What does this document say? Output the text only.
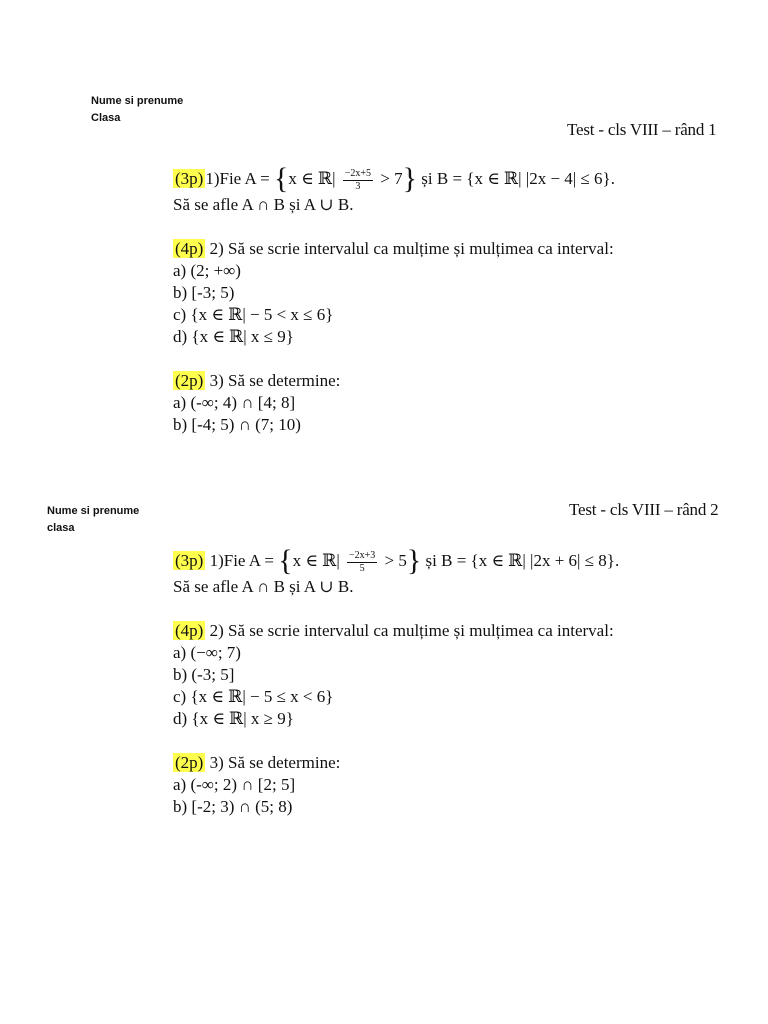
Nume si prenume
Clasa
Test - cls VIII – rând 1
(3p) 1)Fie A = {x ∈ ℝ| $\frac{-2x+5}{3} > 7$} și B = {x ∈ ℝ| |2x − 4| ≤ 6}.
Să se afle A ∩ B și A ∪ B.
(4p) 2) Să se scrie intervalul ca mulțime și mulțimea ca interval:
a) (2; +∞)
b) [-3; 5)
c) {x ∈ ℝ| − 5 < x ≤ 6}
d) {x ∈ ℝ| x ≤ 9}
(2p) 3) Să se determine:
a) (-∞; 4) ∩ [4; 8]
b) [-4; 5) ∩ (7; 10)
Nume si prenume
clasa
Test - cls VIII – rând 2
(3p) 1)Fie A = {x ∈ ℝ| $\frac{-2x+3}{5} > 5$} și B = {x ∈ ℝ| |2x + 6| ≤ 8}.
Să se afle A ∩ B și A ∪ B.
(4p) 2) Să se scrie intervalul ca mulțime și mulțimea ca interval:
a) (−∞; 7)
b) (-3; 5]
c) {x ∈ ℝ| − 5 ≤ x < 6}
d) {x ∈ ℝ| x ≥ 9}
(2p) 3) Să se determine:
a) (-∞; 2) ∩ [2; 5]
b) [-2; 3) ∩ (5; 8)
